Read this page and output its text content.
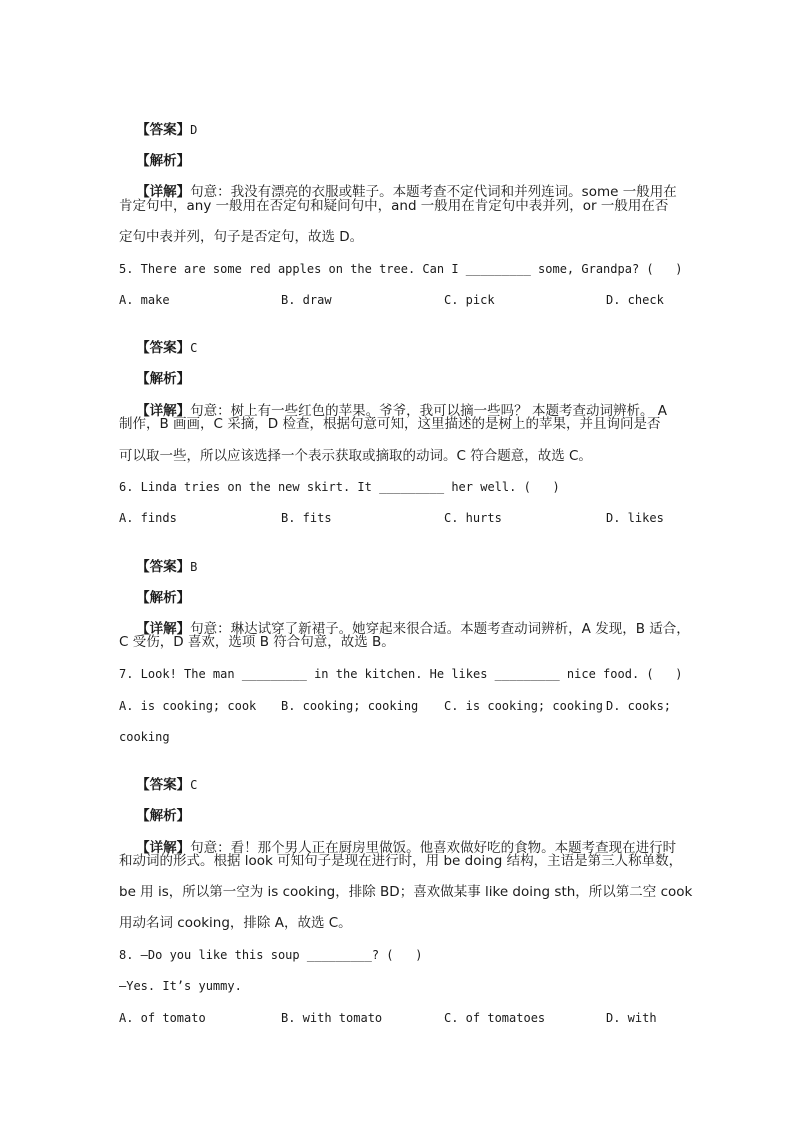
【答案】D

【解析】

【详解】句意：我没有漂亮的衣服或鞋子。本题考查不定代词和并列连词。some 一般用在

肯定句中，any 一般用在否定句和疑问句中，and 一般用在肯定句中表并列，or 一般用在否
定句中表并列，句子是否定句，故选 D。
5. There are some red apples on the tree. Can I _________ some, Grandpa? (   )
A. make	B. draw	C. pick	D. check

【答案】C

【解析】

【详解】句意：树上有一些红色的苹果。爷爷，我可以摘一些吗？ 本题考查动词辨析。 A

制作，B 画画，C 采摘，D 检查，根据句意可知，这里描述的是树上的苹果，并且询问是否
可以取一些，所以应该选择一个表示获取或摘取的动词。C 符合题意，故选 C。
6. Linda tries on the new skirt. It _________ her well. (   )
A. finds	B. fits	C. hurts	D. likes

【答案】B

【解析】

【详解】句意：琳达试穿了新裙子。她穿起来很合适。本题考查动词辨析，A 发现，B 适合，

C 受伤，D 喜欢，选项 B 符合句意，故选 B。
7. Look! The man _________ in the kitchen. He likes _________ nice food. (   )
A. is cooking; cook B. cooking; cooking C. is cooking; cooking D. cooks;
cooking

【答案】C

【解析】

【详解】句意：看！那个男人正在厨房里做饭。他喜欢做好吃的食物。本题考查现在进行时

和动词的形式。根据 look 可知句子是现在进行时，用 be doing 结构，主语是第三人称单数，
be 用 is，所以第一空为 is cooking，排除 BD；喜欢做某事 like doing sth，所以第二空 cook
用动名词 cooking，排除 A，故选 C。
8. —Do you like this soup _________? (   )
—Yes. It’s yummy.
A. of tomato	B. with tomato	C. of tomatoes	D. with
